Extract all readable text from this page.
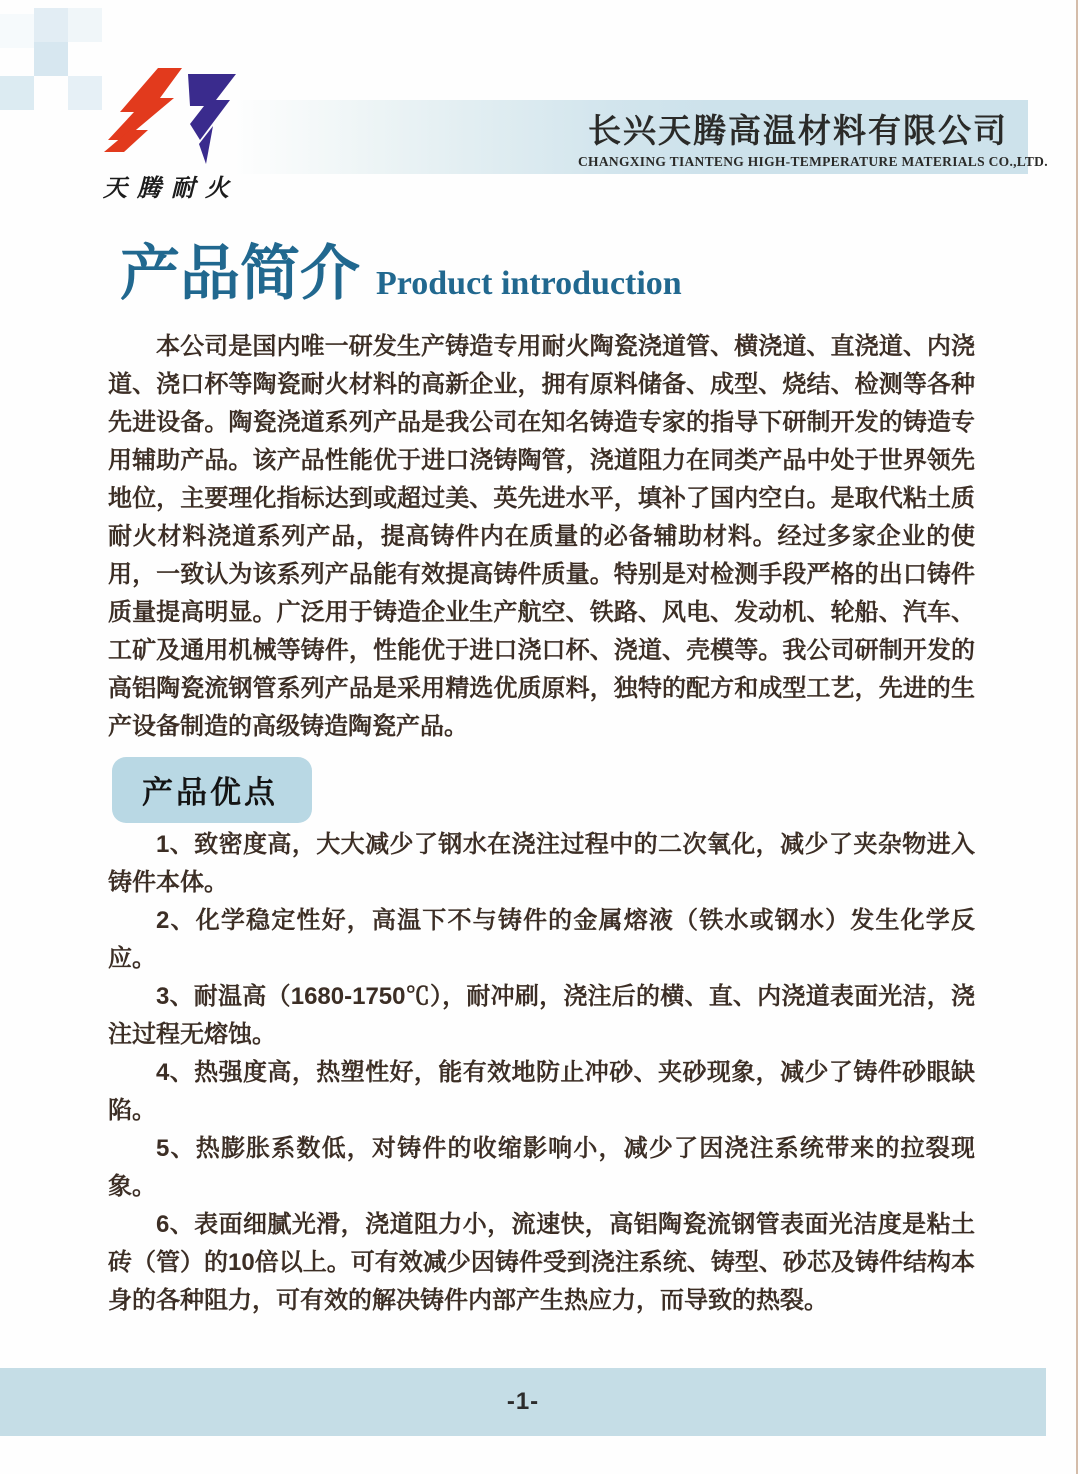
天腾耐火
长兴天腾高温材料有限公司
CHANGXING TIANTENG HIGH-TEMPERATURE MATERIALS CO.,LTD.
产品简介 Product introduction

本公司是国内唯一研发生产铸造专用耐火陶瓷浇道管、横浇道、直浇道、内浇道、浇口杯等陶瓷耐火材料的高新企业，拥有原料储备、成型、烧结、检测等各种先进设备。陶瓷浇道系列产品是我公司在知名铸造专家的指导下研制开发的铸造专用辅助产品。该产品性能优于进口浇铸陶管，浇道阻力在同类产品中处于世界领先地位，主要理化指标达到或超过美、英先进水平，填补了国内空白。是取代粘土质耐火材料浇道系列产品，提高铸件内在质量的必备辅助材料。经过多家企业的使用，一致认为该系列产品能有效提高铸件质量。特别是对检测手段严格的出口铸件质量提高明显。广泛用于铸造企业生产航空、铁路、风电、发动机、轮船、汽车、工矿及通用机械等铸件，性能优于进口浇口杯、浇道、壳模等。我公司研制开发的高铝陶瓷流钢管系列产品是采用精选优质原料，独特的配方和成型工艺，先进的生产设备制造的高级铸造陶瓷产品。

产品优点

1、致密度高，大大减少了钢水在浇注过程中的二次氧化，减少了夹杂物进入铸件本体。

2、化学稳定性好，高温下不与铸件的金属熔液（铁水或钢水）发生化学反应。

3、耐温高（1680-1750℃），耐冲刷，浇注后的横、直、内浇道表面光洁，浇注过程无熔蚀。

4、热强度高，热塑性好，能有效地防止冲砂、夹砂现象，减少了铸件砂眼缺陷。

5、热膨胀系数低，对铸件的收缩影响小，减少了因浇注系统带来的拉裂现象。

6、表面细腻光滑，浇道阻力小，流速快，高铝陶瓷流钢管表面光洁度是粘土砖（管）的10倍以上。可有效减少因铸件受到浇注系统、铸型、砂芯及铸件结构本身的各种阻力，可有效的解决铸件内部产生热应力，而导致的热裂。

-1-
